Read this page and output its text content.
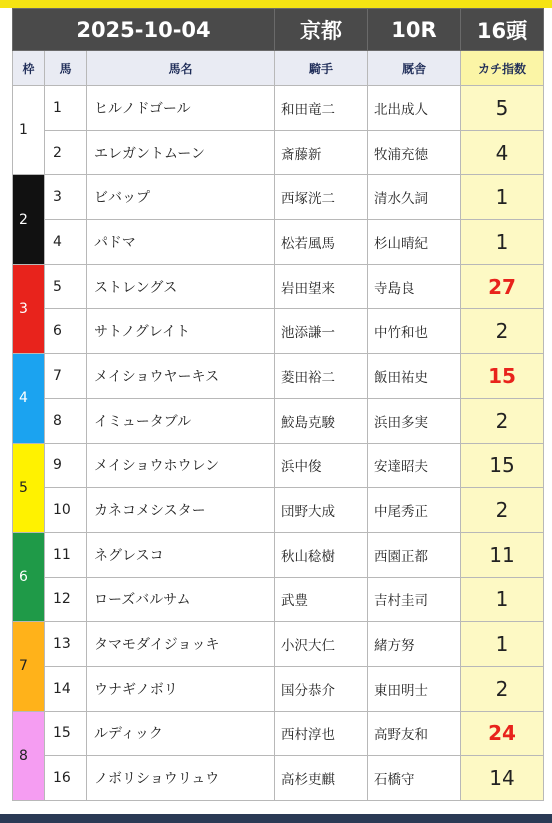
2025-10-04			京都	10R	16頭
枠	馬	馬名	騎手	厩舎	カチ指数
1	1	ヒルノドゴール	和田竜二	北出成人	5
	2	エレガントムーン	斎藤新	牧浦充徳	4
2	3	ビバップ	西塚洸二	清水久詞	1
	4	パドマ	松若風馬	杉山晴紀	1
3	5	ストレングス	岩田望来	寺島良	27
	6	サトノグレイト	池添謙一	中竹和也	2
4	7	メイショウヤーキス	菱田裕二	飯田祐史	15
	8	イミュータブル	鮫島克駿	浜田多実	2
5	9	メイショウホウレン	浜中俊	安達昭夫	15
	10	カネコメシスター	団野大成	中尾秀正	2
6	11	ネグレスコ	秋山稔樹	西園正都	11
	12	ローズバルサム	武豊	吉村圭司	1
7	13	タマモダイジョッキ	小沢大仁	緒方努	1
	14	ウナギノボリ	国分恭介	東田明士	2
8	15	ルディック	西村淳也	高野友和	24
	16	ノボリショウリュウ	高杉吏麒	石橋守	14
